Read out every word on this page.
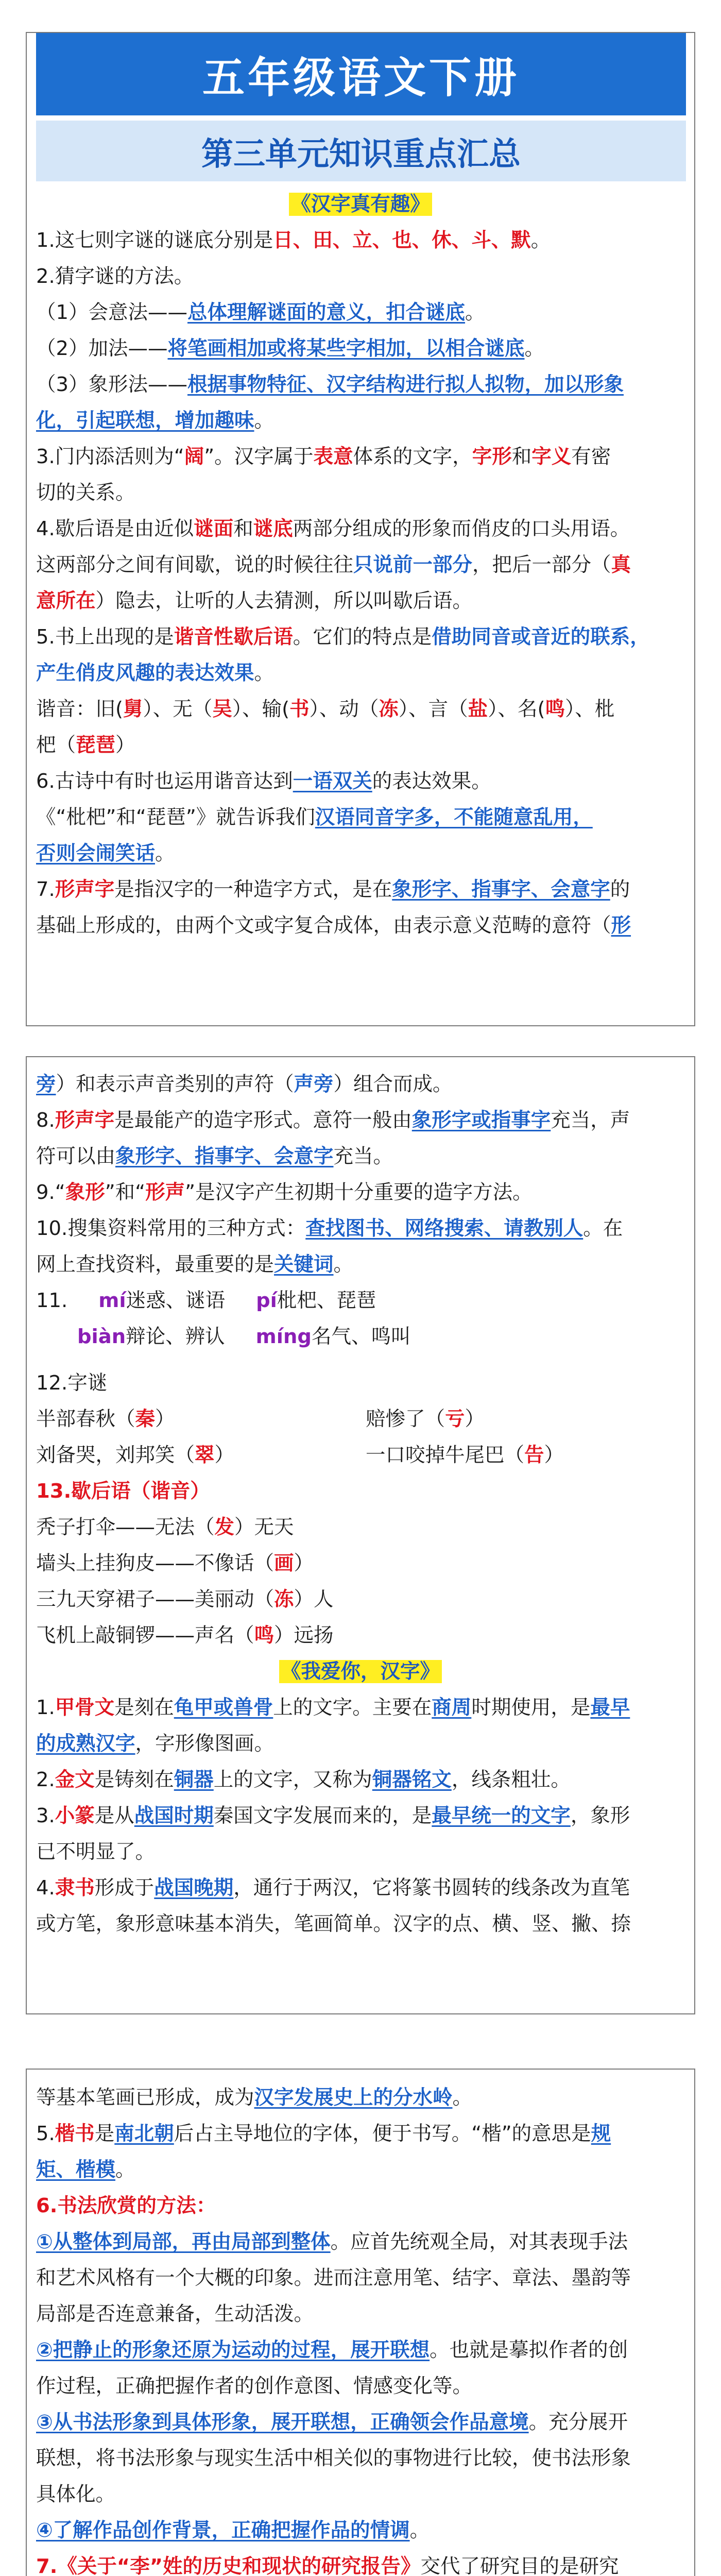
五年级语文下册
第三单元知识重点汇总
《汉字真有趣》
1.这七则字谜的谜底分别是日、田、立、也、休、斗、默。
2.猜字谜的方法。
（1）会意法——总体理解谜面的意义，扣合谜底。
（2）加法——将笔画相加或将某些字相加，以相合谜底。
（3）象形法——根据事物特征、汉字结构进行拟人拟物，加以形象
化，引起联想，增加趣味。
3.门内添活则为“阔”。汉字属于表意体系的文字，字形和字义有密
切的关系。
4.歇后语是由近似谜面和谜底两部分组成的形象而俏皮的口头用语。
这两部分之间有间歇，说的时候往往只说前一部分，把后一部分（真
意所在）隐去，让听的人去猜测，所以叫歇后语。
5.书上出现的是谐音性歇后语。它们的特点是借助同音或音近的联系，
产生俏皮风趣的表达效果。
谐音：旧(舅）、无（吴）、输(书）、动（冻）、言（盐）、名(鸣）、枇
杷（琵琶）
6.古诗中有时也运用谐音达到一语双关的表达效果。
《“枇杷”和“琵琶”》就告诉我们汉语同音字多，不能随意乱用，
否则会闹笑话。
7.形声字是指汉字的一种造字方式，是在象形字、指事字、会意字的
基础上形成的，由两个文或字复合成体，由表示意义范畴的意符（形
旁）和表示声音类别的声符（声旁）组合而成。
8.形声字是最能产的造字形式。意符一般由象形字或指事字充当，声
符可以由象形字、指事字、会意字充当。
9.“象形”和“形声”是汉字产生初期十分重要的造字方法。
10.搜集资料常用的三种方式：查找图书、网络搜索、请教别人。在
网上查找资料，最重要的是关键词。
11. mí迷惑、谜语 pí枇杷、琵琶
biàn辩论、辨认 míng名气、鸣叫
12.字谜
半部春秋（秦）	赔惨了（亏）
刘备哭，刘邦笑（翠）	一口咬掉牛尾巴（告）
13.歇后语（谐音）
秃子打伞——无法（发）无天
墙头上挂狗皮——不像话（画）
三九天穿裙子——美丽动（冻）人
飞机上敲铜锣——声名（鸣）远扬
《我爱你，汉字》
1.甲骨文是刻在龟甲或兽骨上的文字。主要在商周时期使用，是最早
的成熟汉字，字形像图画。
2.金文是铸刻在铜器上的文字，又称为铜器铭文，线条粗壮。
3.小篆是从战国时期秦国文字发展而来的，是最早统一的文字，象形
已不明显了。
4.隶书形成于战国晚期，通行于两汉，它将篆书圆转的线条改为直笔
或方笔，象形意味基本消失，笔画简单。汉字的点、横、竖、撇、捺
等基本笔画已形成，成为汉字发展史上的分水岭。
5.楷书是南北朝后占主导地位的字体，便于书写。“楷”的意思是规
矩、楷模。
6.书法欣赏的方法：
①从整体到局部，再由局部到整体。应首先统观全局，对其表现手法
和艺术风格有一个大概的印象。进而注意用笔、结字、章法、墨韵等
局部是否连意兼备，生动活泼。
②把静止的形象还原为运动的过程，展开联想。也就是摹拟作者的创
作过程，正确把握作者的创作意图、情感变化等。
③从书法形象到具体形象，展开联想，正确领会作品意境。充分展开
联想，将书法形象与现实生活中相关似的事物进行比较，使书法形象
具体化。
④了解作品创作背景，正确把握作品的情调。
7.《关于“李”姓的历史和现状的研究报告》交代了研究目的是研究
